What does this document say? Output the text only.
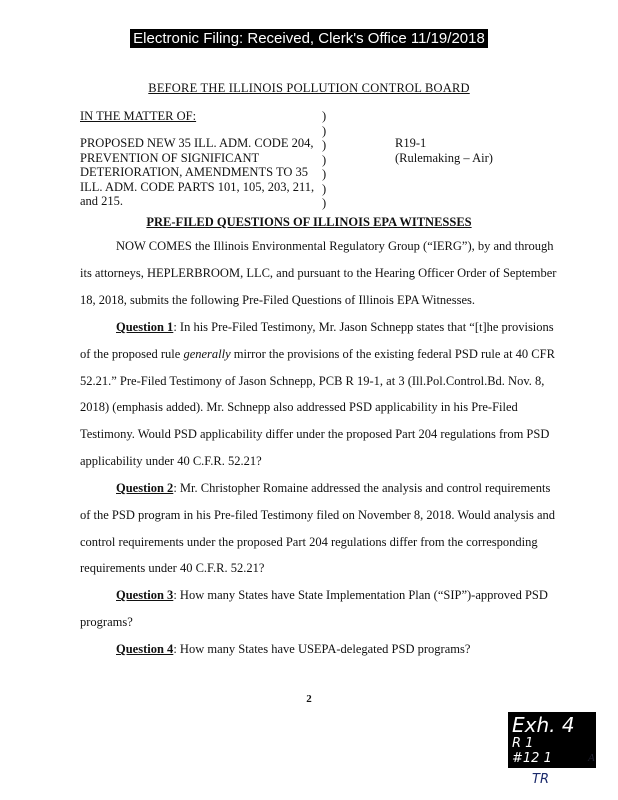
Electronic Filing: Received, Clerk's Office 11/19/2018
BEFORE THE ILLINOIS POLLUTION CONTROL BOARD
IN THE MATTER OF:
PROPOSED NEW 35 ILL. ADM. CODE 204,
PREVENTION OF SIGNIFICANT
DETERIORATION, AMENDMENTS TO 35
ILL. ADM. CODE PARTS 101, 105, 203, 211,
and 215.
)
)
)
)
)
)
)
R19-1
(Rulemaking – Air)
PRE-FILED QUESTIONS OF ILLINOIS EPA WITNESSES
NOW COMES the Illinois Environmental Regulatory Group (“IERG”), by and through
its attorneys, HEPLERBROOM, LLC, and pursuant to the Hearing Officer Order of September
18, 2018, submits the following Pre-Filed Questions of Illinois EPA Witnesses.
Question 1: In his Pre-Filed Testimony, Mr. Jason Schnepp states that “[t]he provisions
of the proposed rule generally mirror the provisions of the existing federal PSD rule at 40 CFR
52.21.” Pre-Filed Testimony of Jason Schnepp, PCB R 19-1, at 3 (Ill.Pol.Control.Bd. Nov. 8,
2018) (emphasis added). Mr. Schnepp also addressed PSD applicability in his Pre-Filed
Testimony. Would PSD applicability differ under the proposed Part 204 regulations from PSD
applicability under 40 C.F.R. 52.21?
Question 2: Mr. Christopher Romaine addressed the analysis and control requirements
of the PSD program in his Pre-filed Testimony filed on November 8, 2018. Would analysis and
control requirements under the proposed Part 204 regulations differ from the corresponding
requirements under 40 C.F.R. 52.21?
Question 3: How many States have State Implementation Plan (“SIP”)-approved PSD
programs?
Question 4: How many States have USEPA-delegated PSD programs?
2
Exh. 4
R 1
#12 1	A
TR
